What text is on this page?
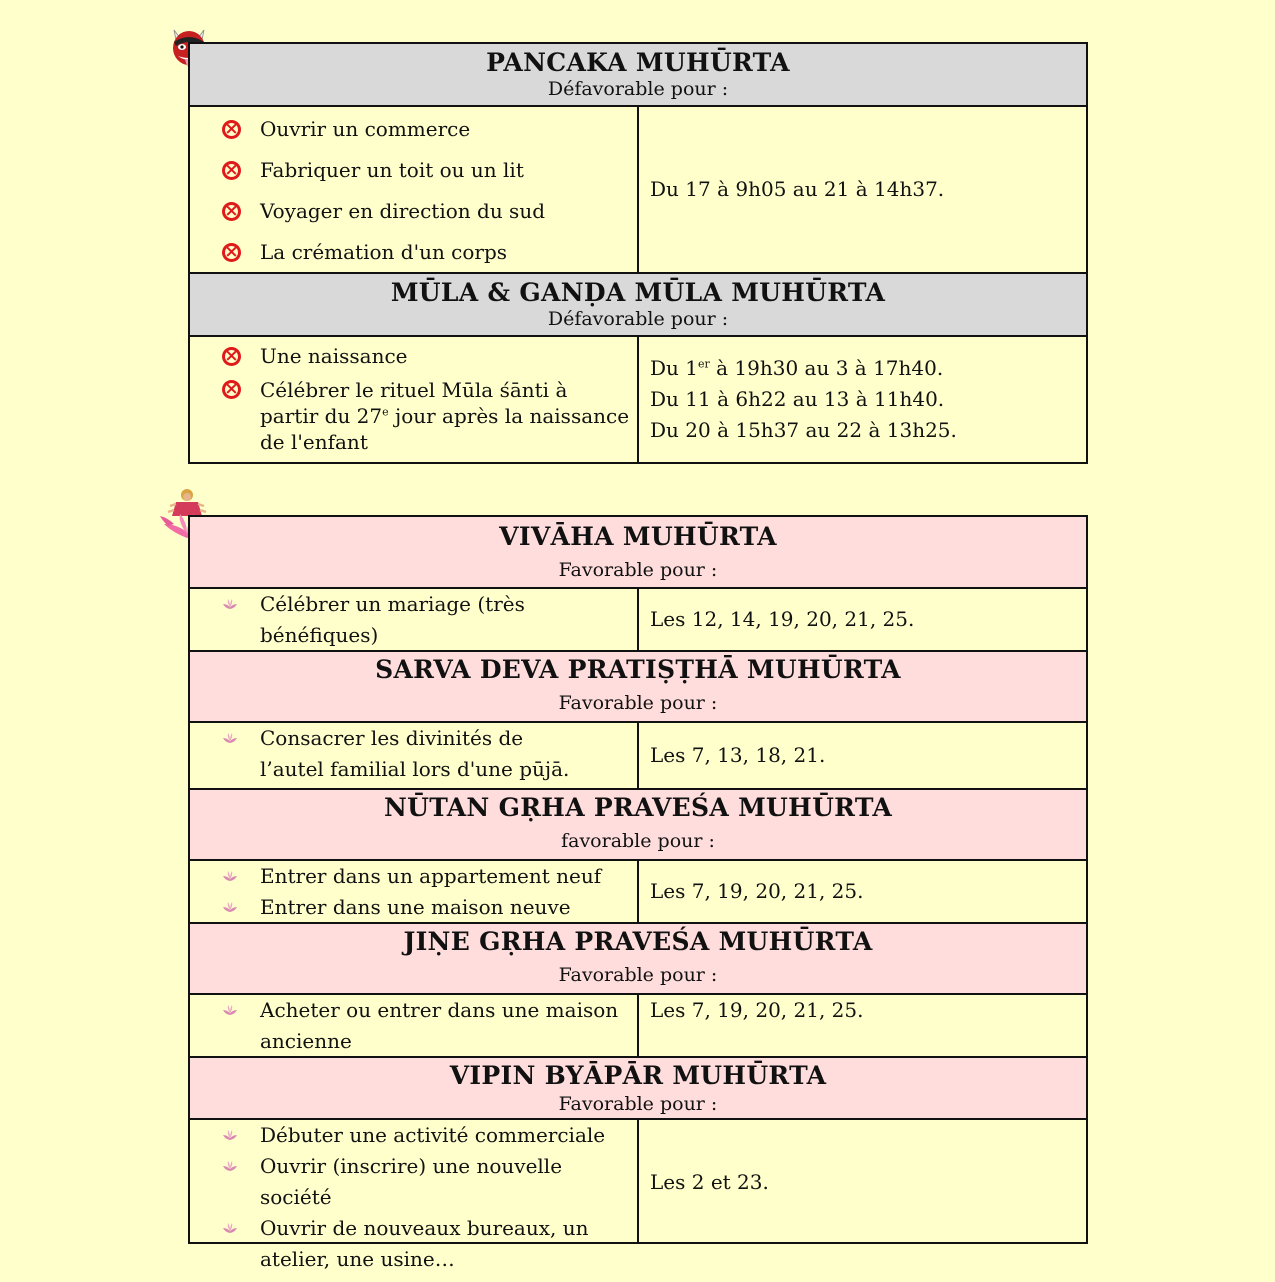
PANCAKA MUHŪRTA
Défavorable pour :
×
Ouvrir un commerce
×
Fabriquer un toit ou un lit
×
Voyager en direction du sud
×
La crémation d'un corps
Du 17 à 9h05 au 21 à 14h37.
MŪLA & GANḌA MŪLA MUHŪRTA
Défavorable pour :
×
Une naissance
×
Célébrer le rituel Mūla śānti à partir du 27e jour après la naissance de l'enfant
Du 1er à 19h30 au 3 à 17h40.
Du 11 à 6h22 au 13 à 11h40.
Du 20 à 15h37 au 22 à 13h25.
VIVĀHA MUHŪRTA
Favorable pour :
Célébrer un mariage (très bénéfiques)
Les 12, 14, 19, 20, 21, 25.
SARVA DEVA PRATIṢṬHĀ MUHŪRTA
Favorable pour :
Consacrer les divinités de l’autel familial lors d'une pūjā.
Les 7, 13, 18, 21.
NŪTAN GṚHA PRAVEŚA MUHŪRTA
favorable pour :
Entrer dans un appartement neuf
Entrer dans une maison neuve
Les 7, 19, 20, 21, 25.
JIṆE GṚHA PRAVEŚA MUHŪRTA
Favorable pour :
Acheter ou entrer dans une maison ancienne
Les 7, 19, 20, 21, 25.
VIPIN BYĀPĀR MUHŪRTA
Favorable pour :
Débuter une activité commerciale
Ouvrir (inscrire) une nouvelle société
Ouvrir de nouveaux bureaux, un atelier, une usine…
Les 2 et 23.
